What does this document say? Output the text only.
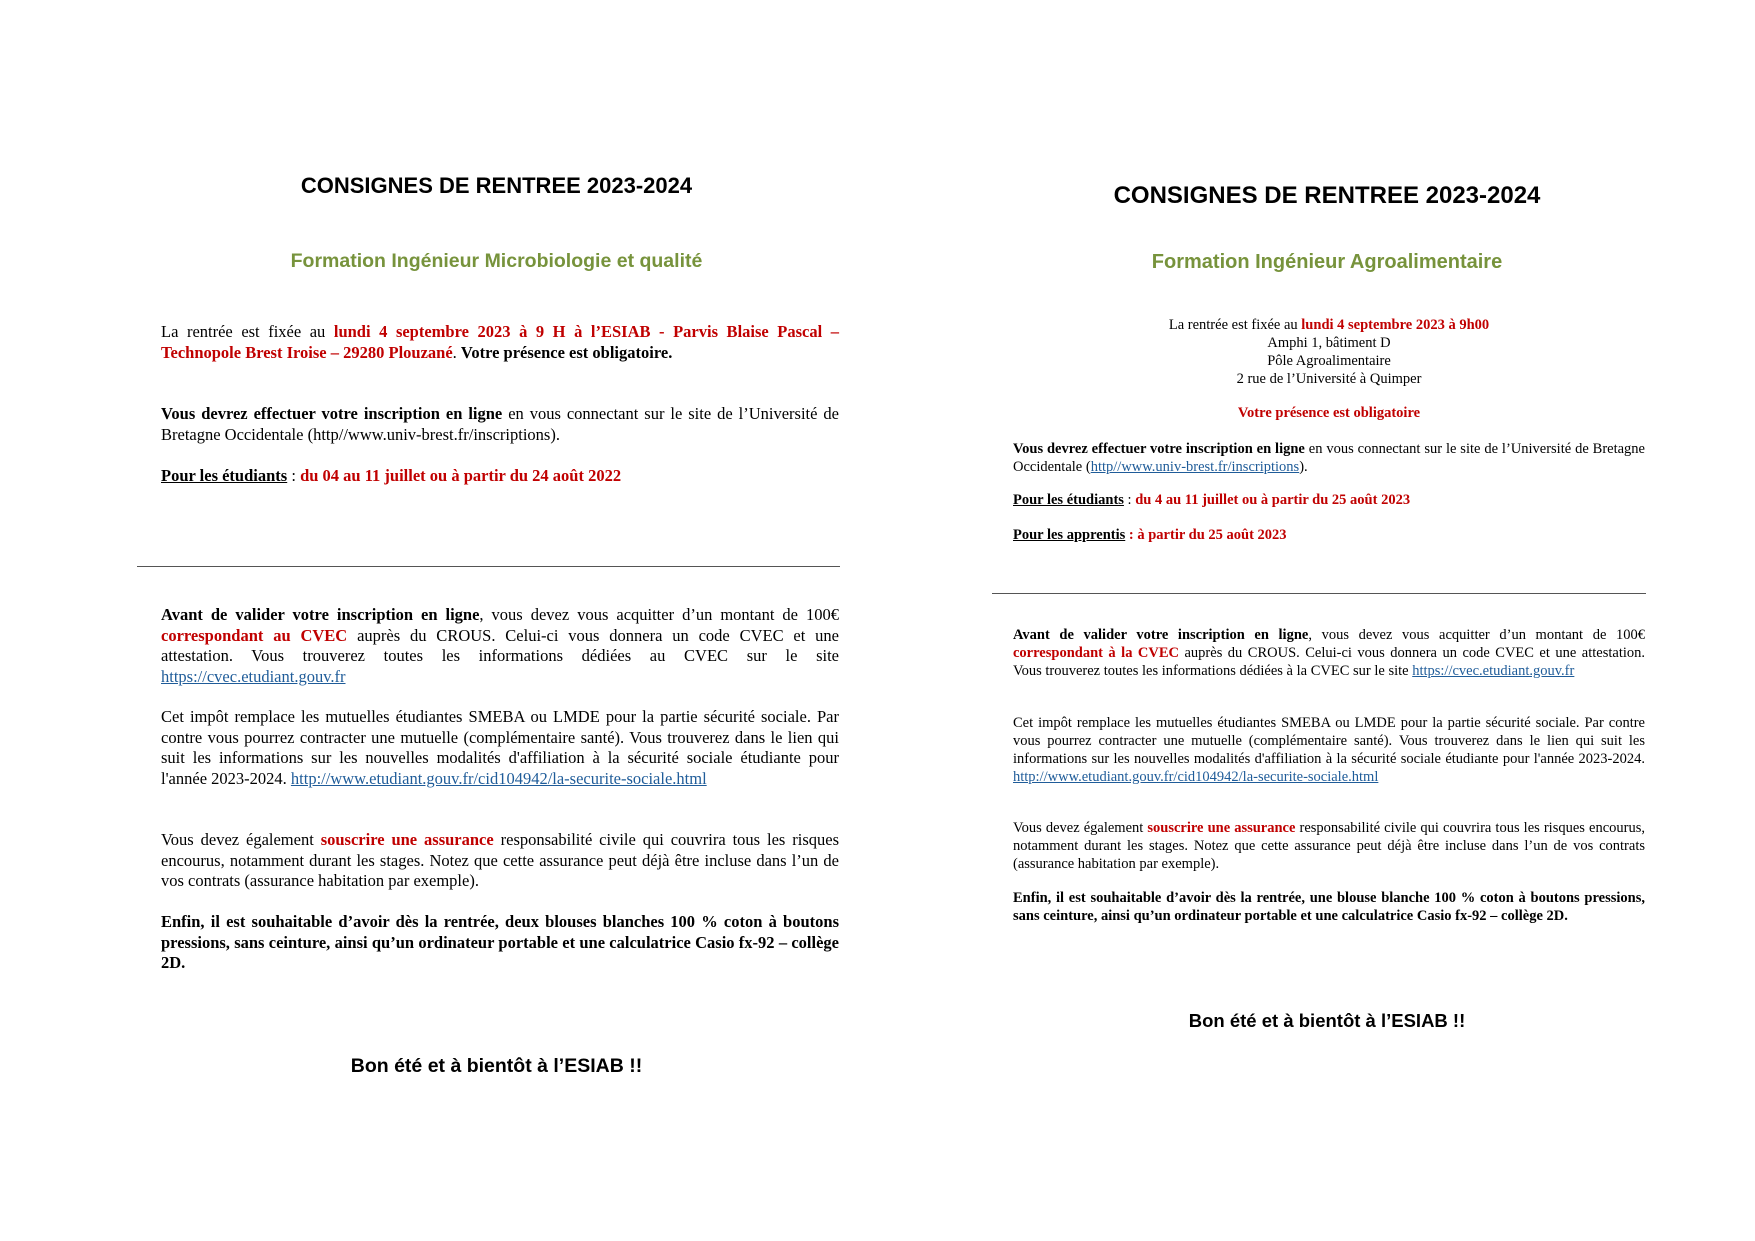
CONSIGNES DE RENTREE 2023-2024
Formation Ingénieur Microbiologie et qualité

La rentrée est fixée au lundi 4 septembre 2023 à 9 H à l’ESIAB - Parvis Blaise Pascal – Technopole Brest Iroise – 29280 Plouzané. Votre présence est obligatoire.

Vous devrez effectuer votre inscription en ligne en vous connectant sur le site de l’Université de Bretagne Occidentale (http//www.univ-brest.fr/inscriptions).

Pour les étudiants : du 04 au 11 juillet ou à partir du 24 août 2022

Avant de valider votre inscription en ligne, vous devez vous acquitter d’un montant de 100€ correspondant au CVEC auprès du CROUS. Celui-ci vous donnera un code CVEC et une attestation. Vous trouverez toutes les informations dédiées au CVEC sur le site https://cvec.etudiant.gouv.fr

Cet impôt remplace les mutuelles étudiantes SMEBA ou LMDE pour la partie sécurité sociale. Par contre vous pourrez contracter une mutuelle (complémentaire santé). Vous trouverez dans le lien qui suit les informations sur les nouvelles modalités d'affiliation à la sécurité sociale étudiante pour l'année 2023-2024. http://www.etudiant.gouv.fr/cid104942/la-securite-sociale.html

Vous devez également souscrire une assurance responsabilité civile qui couvrira tous les risques encourus, notamment durant les stages. Notez que cette assurance peut déjà être incluse dans l’un de vos contrats (assurance habitation par exemple).

Enfin, il est souhaitable d’avoir dès la rentrée, deux blouses blanches 100 % coton à boutons pressions, sans ceinture, ainsi qu’un ordinateur portable et une calculatrice Casio fx-92 – collège 2D.

Bon été et à bientôt à l’ESIAB !!

CONSIGNES DE RENTREE 2023-2024
Formation Ingénieur Agroalimentaire

La rentrée est fixée au lundi 4 septembre 2023 à 9h00
Amphi 1, bâtiment D
Pôle Agroalimentaire
2 rue de l’Université à Quimper

Votre présence est obligatoire

Vous devrez effectuer votre inscription en ligne en vous connectant sur le site de l’Université de Bretagne Occidentale (http//www.univ-brest.fr/inscriptions).

Pour les étudiants : du 4 au 11 juillet ou à partir du 25 août 2023

Pour les apprentis : à partir du 25 août 2023

Avant de valider votre inscription en ligne, vous devez vous acquitter d’un montant de 100€ correspondant à la CVEC auprès du CROUS. Celui-ci vous donnera un code CVEC et une attestation. Vous trouverez toutes les informations dédiées à la CVEC sur le site https://cvec.etudiant.gouv.fr

Cet impôt remplace les mutuelles étudiantes SMEBA ou LMDE pour la partie sécurité sociale. Par contre vous pourrez contracter une mutuelle (complémentaire santé). Vous trouverez dans le lien qui suit les informations sur les nouvelles modalités d'affiliation à la sécurité sociale étudiante pour l'année 2023-2024. http://www.etudiant.gouv.fr/cid104942/la-securite-sociale.html

Vous devez également souscrire une assurance responsabilité civile qui couvrira tous les risques encourus, notamment durant les stages. Notez que cette assurance peut déjà être incluse dans l’un de vos contrats (assurance habitation par exemple).

Enfin, il est souhaitable d’avoir dès la rentrée, une blouse blanche 100 % coton à boutons pressions, sans ceinture, ainsi qu’un ordinateur portable et une calculatrice Casio fx-92 – collège 2D.

Bon été et à bientôt à l’ESIAB !!
